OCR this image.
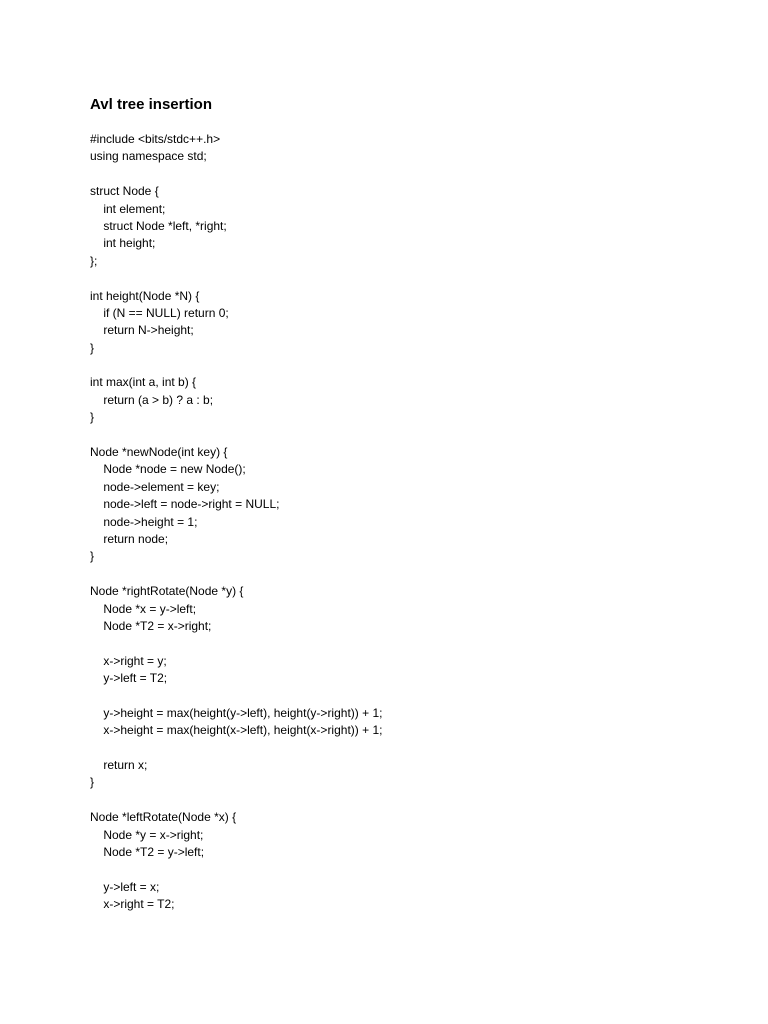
Avl tree insertion
#include <bits/stdc++.h>
using namespace std;
struct Node {
int element;
struct Node *left, *right;
int height;
};
int height(Node *N) {
if (N == NULL) return 0;
return N->height;
}
int max(int a, int b) {
return (a > b) ? a : b;
}
Node *newNode(int key) {
Node *node = new Node();
node->element = key;
node->left = node->right = NULL;
node->height = 1;
return node;
}
Node *rightRotate(Node *y) {
Node *x = y->left;
Node *T2 = x->right;
x->right = y;
y->left = T2;
y->height = max(height(y->left), height(y->right)) + 1;
x->height = max(height(x->left), height(x->right)) + 1;
return x;
}
Node *leftRotate(Node *x) {
Node *y = x->right;
Node *T2 = y->left;
y->left = x;
x->right = T2;
